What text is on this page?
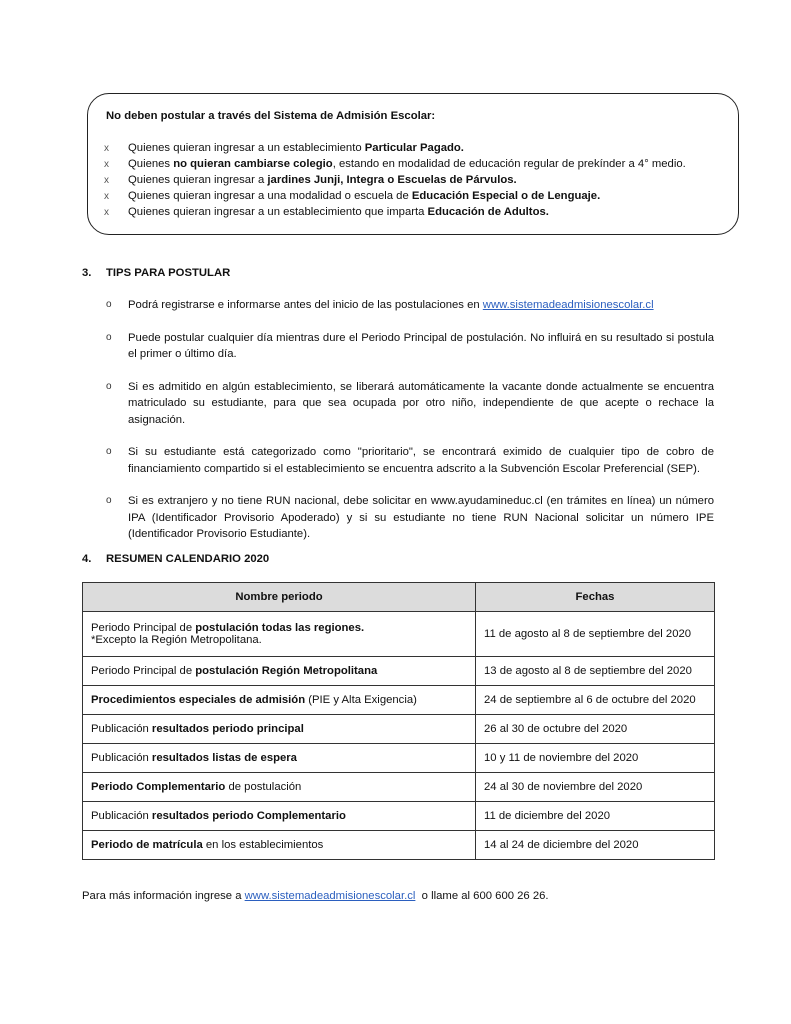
No deben postular a través del Sistema de Admisión Escolar:
x Quienes quieran ingresar a un establecimiento Particular Pagado.
x Quienes no quieran cambiarse colegio, estando en modalidad de educación regular de prekínder a 4° medio.
x Quienes quieran ingresar a jardines Junji, Integra o Escuelas de Párvulos.
x Quienes quieran ingresar a una modalidad o escuela de Educación Especial o de Lenguaje.
x Quienes quieran ingresar a un establecimiento que imparta Educación de Adultos.
3. TIPS PARA POSTULAR
o Podrá registrarse e informarse antes del inicio de las postulaciones en www.sistemadeadmisionescolar.cl
o Puede postular cualquier día mientras dure el Periodo Principal de postulación. No influirá en su resultado si postula el primer o último día.
o Si es admitido en algún establecimiento, se liberará automáticamente la vacante donde actualmente se encuentra matriculado su estudiante, para que sea ocupada por otro niño, independiente de que acepte o rechace la asignación.
o Si su estudiante está categorizado como "prioritario", se encontrará eximido de cualquier tipo de cobro de financiamiento compartido si el establecimiento se encuentra adscrito a la Subvención Escolar Preferencial (SEP).
o Si es extranjero y no tiene RUN nacional, debe solicitar en www.ayudamineduc.cl (en trámites en línea) un número IPA (Identificador Provisorio Apoderado) y si su estudiante no tiene RUN Nacional solicitar un número IPE (Identificador Provisorio Estudiante).
4. RESUMEN CALENDARIO 2020
Nombre periodo	Fechas
Periodo Principal de postulación todas las regiones.
*Excepto la Región Metropolitana.	11 de agosto al 8 de septiembre del 2020
Periodo Principal de postulación Región Metropolitana	13 de agosto al 8 de septiembre del 2020
Procedimientos especiales de admisión (PIE y Alta Exigencia)	24 de septiembre al 6 de octubre del 2020
Publicación resultados periodo principal	26 al 30 de octubre del 2020
Publicación resultados listas de espera	10 y 11 de noviembre del 2020
Periodo Complementario de postulación	24 al 30 de noviembre del 2020
Publicación resultados periodo Complementario	11 de diciembre del 2020
Periodo de matrícula en los establecimientos	14 al 24 de diciembre del 2020
Para más información ingrese a www.sistemadeadmisionescolar.cl  o llame al 600 600 26 26.
